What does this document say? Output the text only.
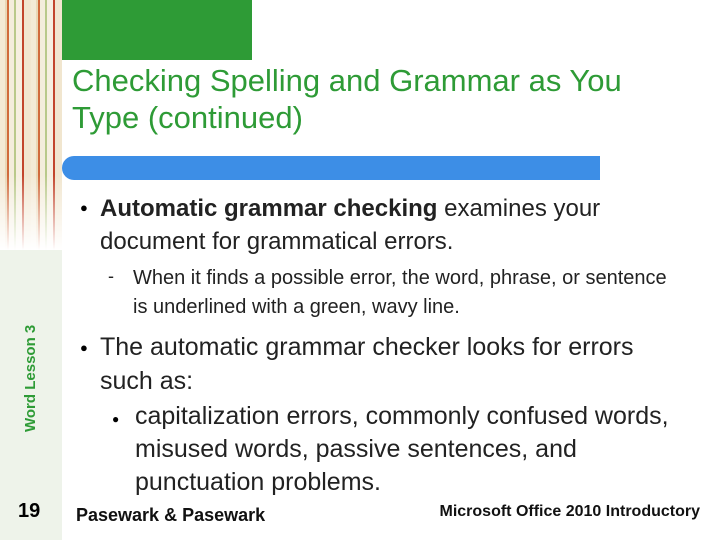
Checking Spelling and Grammar as You Type (continued)
Word Lesson 3
19
● Automatic grammar checking examines your document for grammatical errors.
- When it finds a possible error, the word, phrase, or sentence is underlined with a green, wavy line.
● The automatic grammar checker looks for errors such as:
● capitalization errors, commonly confused words, misused words, passive sentences, and punctuation problems.
Pasewark & Pasewark	Microsoft Office 2010 Introductory
